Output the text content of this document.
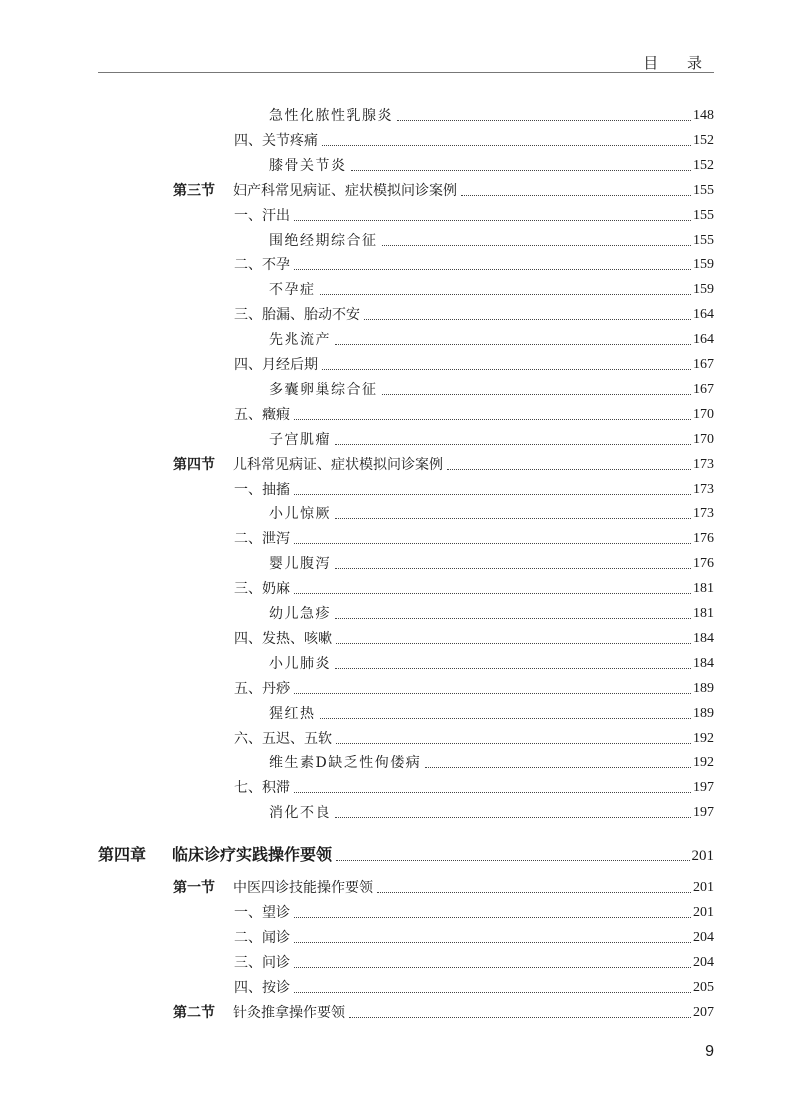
目 录
急性化脓性乳腺炎	148
四、关节疼痛	152
膝骨关节炎	152
第三节 妇产科常见病证、症状模拟问诊案例	155
一、汗出	155
围绝经期综合征	155
二、不孕	159
不孕症	159
三、胎漏、胎动不安	164
先兆流产	164
四、月经后期	167
多囊卵巢综合征	167
五、癥瘕	170
子宫肌瘤	170
第四节 儿科常见病证、症状模拟问诊案例	173
一、抽搐	173
小儿惊厥	173
二、泄泻	176
婴儿腹泻	176
三、奶麻	181
幼儿急疹	181
四、发热、咳嗽	184
小儿肺炎	184
五、丹痧	189
猩红热	189
六、五迟、五软	192
维生素D缺乏性佝偻病	192
七、积滞	197
消化不良	197
第四章 临床诊疗实践操作要领	201
第一节 中医四诊技能操作要领	201
一、望诊	201
二、闻诊	204
三、问诊	204
四、按诊	205
第二节 针灸推拿操作要领	207
9
